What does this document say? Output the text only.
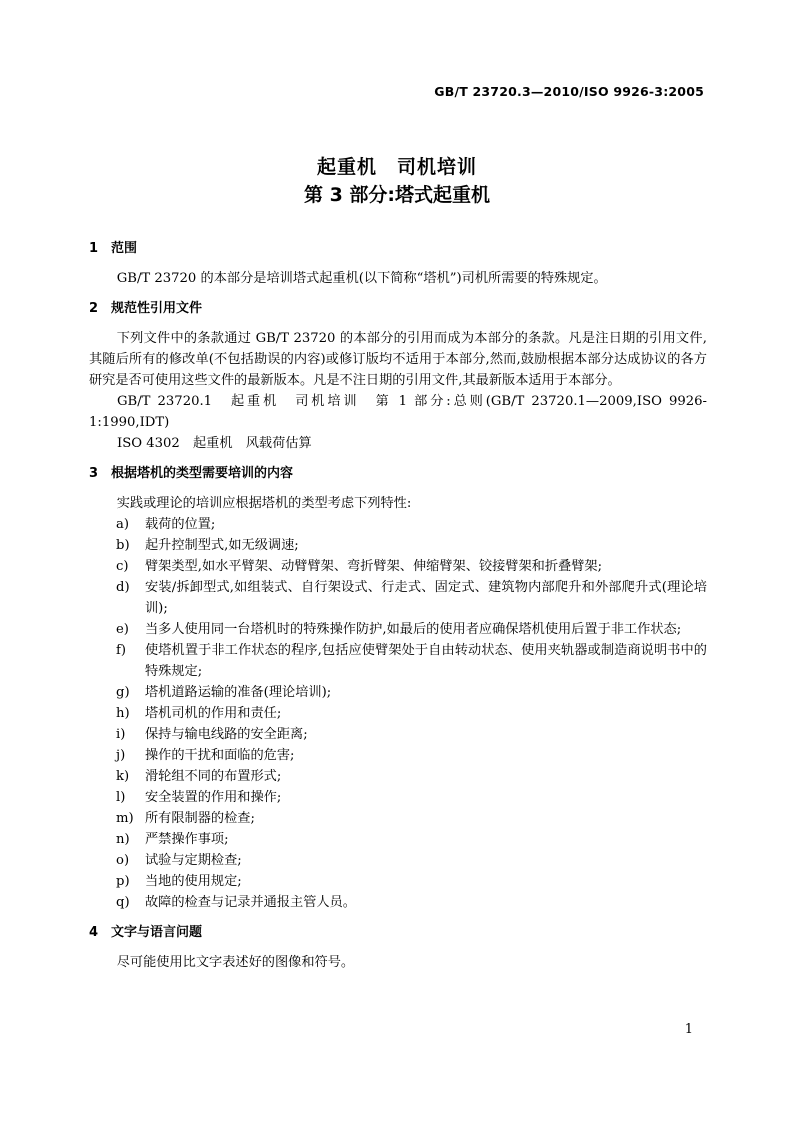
GB/T 23720.3—2010/ISO 9926-3:2005
起重机　司机培训
第 3 部分:塔式起重机
1 范围

GB/T 23720 的本部分是培训塔式起重机(以下简称“塔机”)司机所需要的特殊规定。

2 规范性引用文件

下列文件中的条款通过 GB/T 23720 的本部分的引用而成为本部分的条款。凡是注日期的引用文件,其随后所有的修改单(不包括勘误的内容)或修订版均不适用于本部分,然而,鼓励根据本部分达成协议的各方研究是否可使用这些文件的最新版本。凡是不注日期的引用文件,其最新版本适用于本部分。

GB/T 23720.1　起重机　司机培训　第 1 部分:总则(GB/T 23720.1—2009,ISO 9926-1:1990,IDT)

ISO 4302　起重机　风载荷估算

3 根据塔机的类型需要培训的内容

实践或理论的培训应根据塔机的类型考虑下列特性:

a)	载荷的位置;
b)	起升控制型式,如无级调速;
c)	臂架类型,如水平臂架、动臂臂架、弯折臂架、伸缩臂架、铰接臂架和折叠臂架;
d)	安装/拆卸型式,如组装式、自行架设式、行走式、固定式、建筑物内部爬升和外部爬升式(理论培训);
e)	当多人使用同一台塔机时的特殊操作防护,如最后的使用者应确保塔机使用后置于非工作状态;
f)	使塔机置于非工作状态的程序,包括应使臂架处于自由转动状态、使用夹轨器或制造商说明书中的特殊规定;
g)	塔机道路运输的准备(理论培训);
h)	塔机司机的作用和责任;
i)	保持与输电线路的安全距离;
j)	操作的干扰和面临的危害;
k)	滑轮组不同的布置形式;
l)	安全装置的作用和操作;
m) 所有限制器的检查;
n)	严禁操作事项;
o)	试验与定期检查;
p)	当地的使用规定;
q)	故障的检查与记录并通报主管人员。
4 文字与语言问题

尽可能使用比文字表述好的图像和符号。

1
